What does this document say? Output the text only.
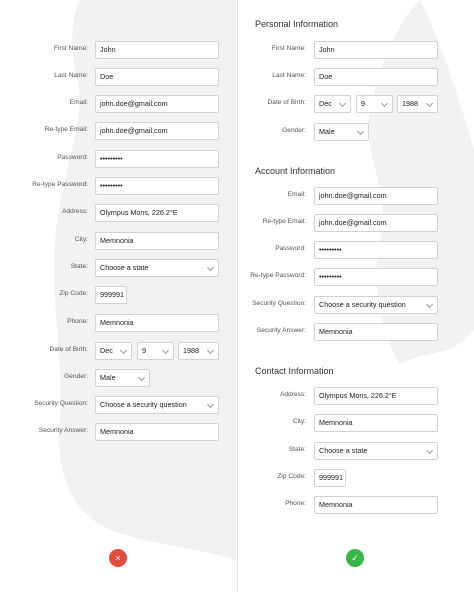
First Name:	John
Last Name:	Doe
Email:	john.doe@gmail.com
Re-type Email:	john.doe@gmail.com
Password:	•••••••••
Re-type Password:	•••••••••
Address:	Olympus Mons, 226.2°E
City:	Memnonia
State:	Choose a state
Zip Code:	999991
Phone:	Memnonia
Date of Birth:	Dec	9	1988
Gender:	Male
Security Question:	Choose a security question
Security Answer:	Memnonia
×
Personal Information
First Name:	John
Last Name:	Doe
Date of Birth:	Dec	9	1988
Gender:	Male
Account Information
Email:	john.doe@gmail.com
Re-type Email:	john.doe@gmail.com
Password:	•••••••••
Re-type Password:	•••••••••
Security Question:	Choose a security question
Security Answer:	Memnonia
Contact Information
Address:	Olympus Mons, 226.2°E
City:	Memnonia
State:	Choose a state
Zip Code:	999991
Phone:	Memnonia
✓
